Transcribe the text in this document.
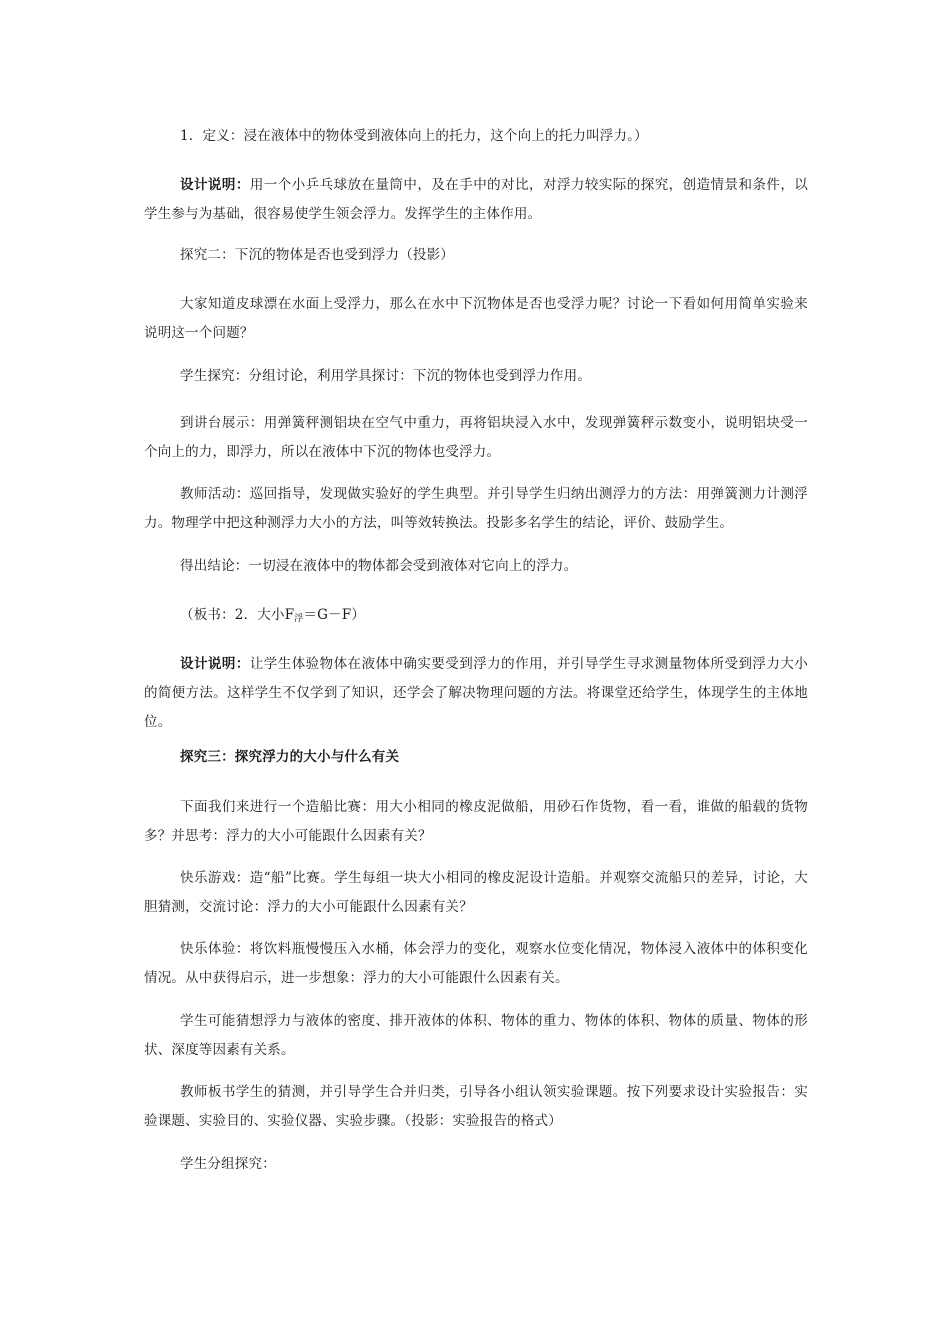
1．定义：浸在液体中的物体受到液体向上的托力，这个向上的托力叫浮力。）

设计说明：用一个小乒乓球放在量筒中，及在手中的对比，对浮力较实际的探究，创造情景和条件，以学生参与为基础，很容易使学生领会浮力。发挥学生的主体作用。

探究二：下沉的物体是否也受到浮力（投影）

大家知道皮球漂在水面上受浮力，那么在水中下沉物体是否也受浮力呢？讨论一下看如何用简单实验来说明这一个问题？

学生探究：分组讨论，利用学具探讨：下沉的物体也受到浮力作用。

到讲台展示：用弹簧秤测铝块在空气中重力，再将铝块浸入水中，发现弹簧秤示数变小，说明铝块受一个向上的力，即浮力，所以在液体中下沉的物体也受浮力。

教师活动：巡回指导，发现做实验好的学生典型。并引导学生归纳出测浮力的方法：用弹簧测力计测浮力。物理学中把这种测浮力大小的方法，叫等效转换法。投影多名学生的结论，评价、鼓励学生。

得出结论：一切浸在液体中的物体都会受到液体对它向上的浮力。

（板书：2．大小$F_浮=G-F$）

设计说明：让学生体验物体在液体中确实要受到浮力的作用，并引导学生寻求测量物体所受到浮力大小的简便方法。这样学生不仅学到了知识，还学会了解决物理问题的方法。将课堂还给学生，体现学生的主体地位。

探究三：探究浮力的大小与什么有关

下面我们来进行一个造船比赛：用大小相同的橡皮泥做船，用砂石作货物，看一看，谁做的船载的货物多？并思考：浮力的大小可能跟什么因素有关？

快乐游戏：造“船”比赛。学生每组一块大小相同的橡皮泥设计造船。并观察交流船只的差异，讨论，大胆猜测，交流讨论：浮力的大小可能跟什么因素有关？

快乐体验：将饮料瓶慢慢压入水桶，体会浮力的变化，观察水位变化情况，物体浸入液体中的体积变化情况。从中获得启示，进一步想象：浮力的大小可能跟什么因素有关。

学生可能猜想浮力与液体的密度、排开液体的体积、物体的重力、物体的体积、物体的质量、物体的形状、深度等因素有关系。

教师板书学生的猜测，并引导学生合并归类，引导各小组认领实验课题。按下列要求设计实验报告：实验课题、实验目的、实验仪器、实验步骤。（投影：实验报告的格式）

学生分组探究：
